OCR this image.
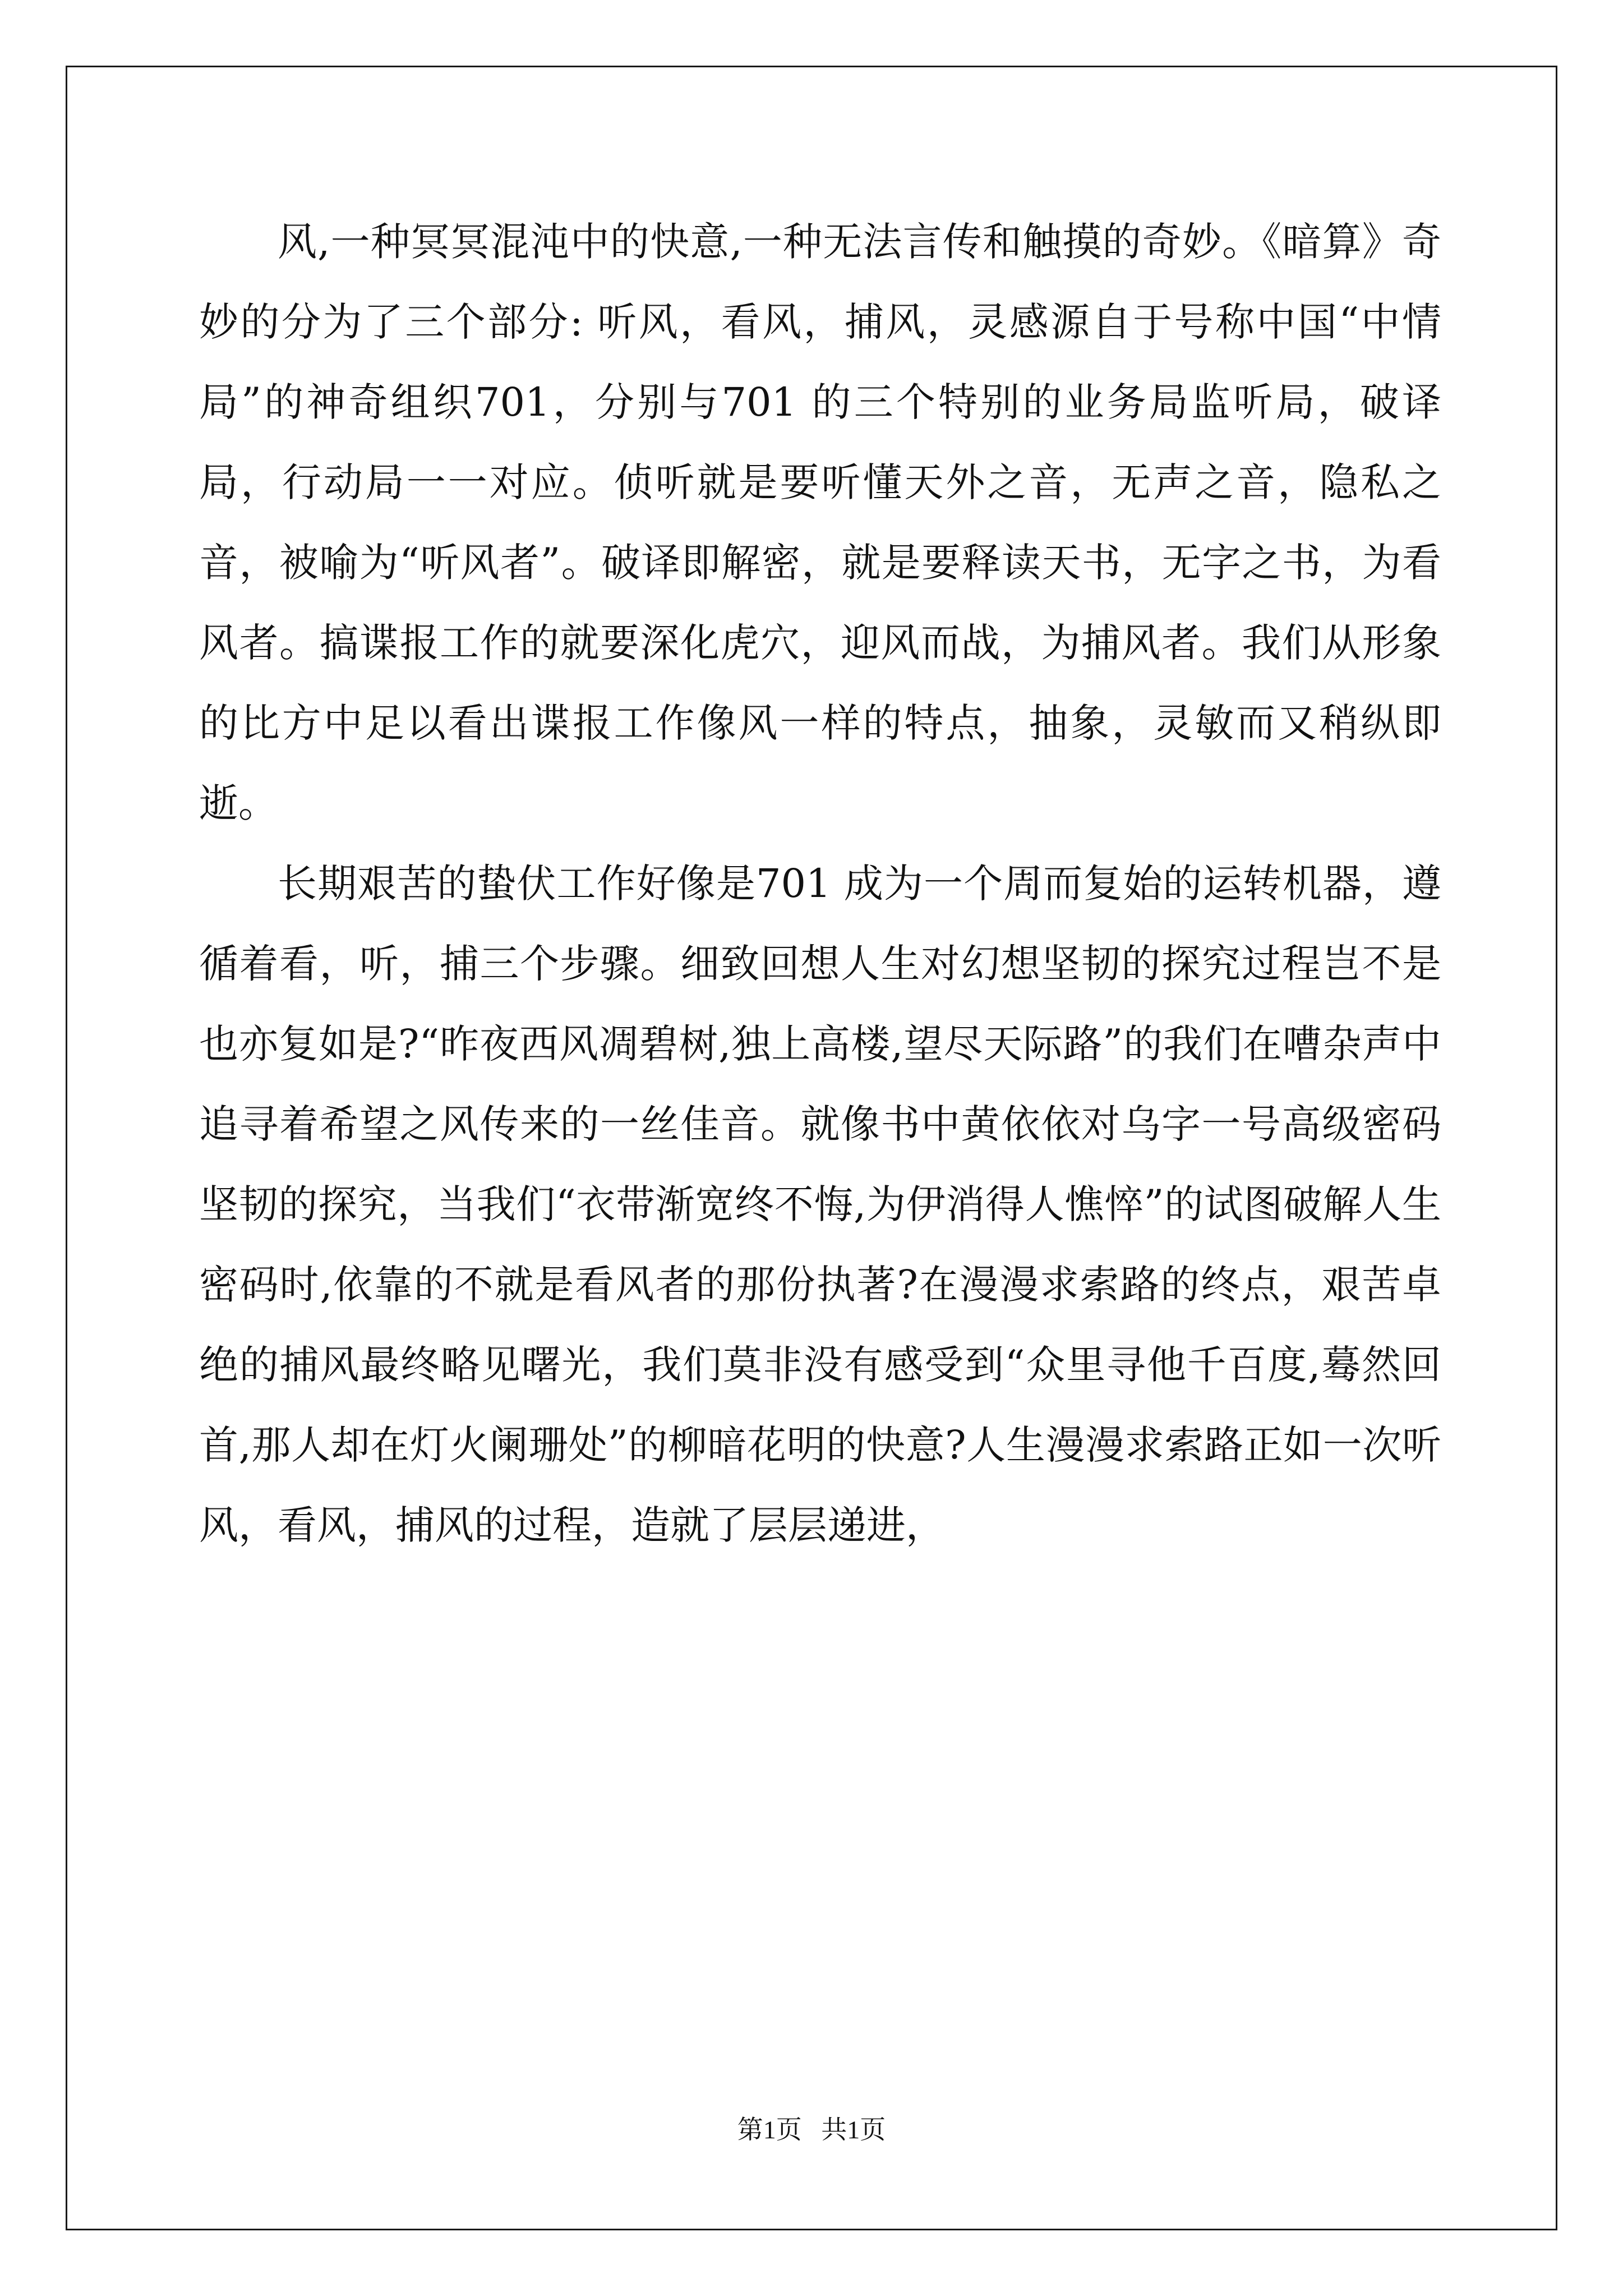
风,一种冥冥混沌中的快意,一种无法言传和触摸的奇妙。《暗算》奇妙的分为了三个部分: 听风，看风，捕风，灵感源自于号称中国“中情局”的神奇组织701，分别与701 的三个特别的业务局监听局，破译局，行动局一一对应。侦听就是要听懂天外之音，无声之音，隐私之音，被喻为“听风者”。破译即解密，就是要释读天书，无字之书，为看风者。搞谍报工作的就要深化虎穴，迎风而战，为捕风者。我们从形象的比方中足以看出谍报工作像风一样的特点，抽象，灵敏而又稍纵即逝。

长期艰苦的蛰伏工作好像是701 成为一个周而复始的运转机器，遵循着看，听，捕三个步骤。细致回想人生对幻想坚韧的探究过程岂不是也亦复如是?“昨夜西风凋碧树,独上高楼,望尽天际路”的我们在嘈杂声中追寻着希望之风传来的一丝佳音。就像书中黄依依对乌字一号高级密码坚韧的探究，当我们“衣带渐宽终不悔,为伊消得人憔悴”的试图破解人生密码时,依靠的不就是看风者的那份执著?在漫漫求索路的终点，艰苦卓绝的捕风最终略见曙光，我们莫非没有感受到“众里寻他千百度,蓦然回首,那人却在灯火阑珊处”的柳暗花明的快意?人生漫漫求索路正如一次听风，看风，捕风的过程，造就了层层递进，

第1页 共1页
